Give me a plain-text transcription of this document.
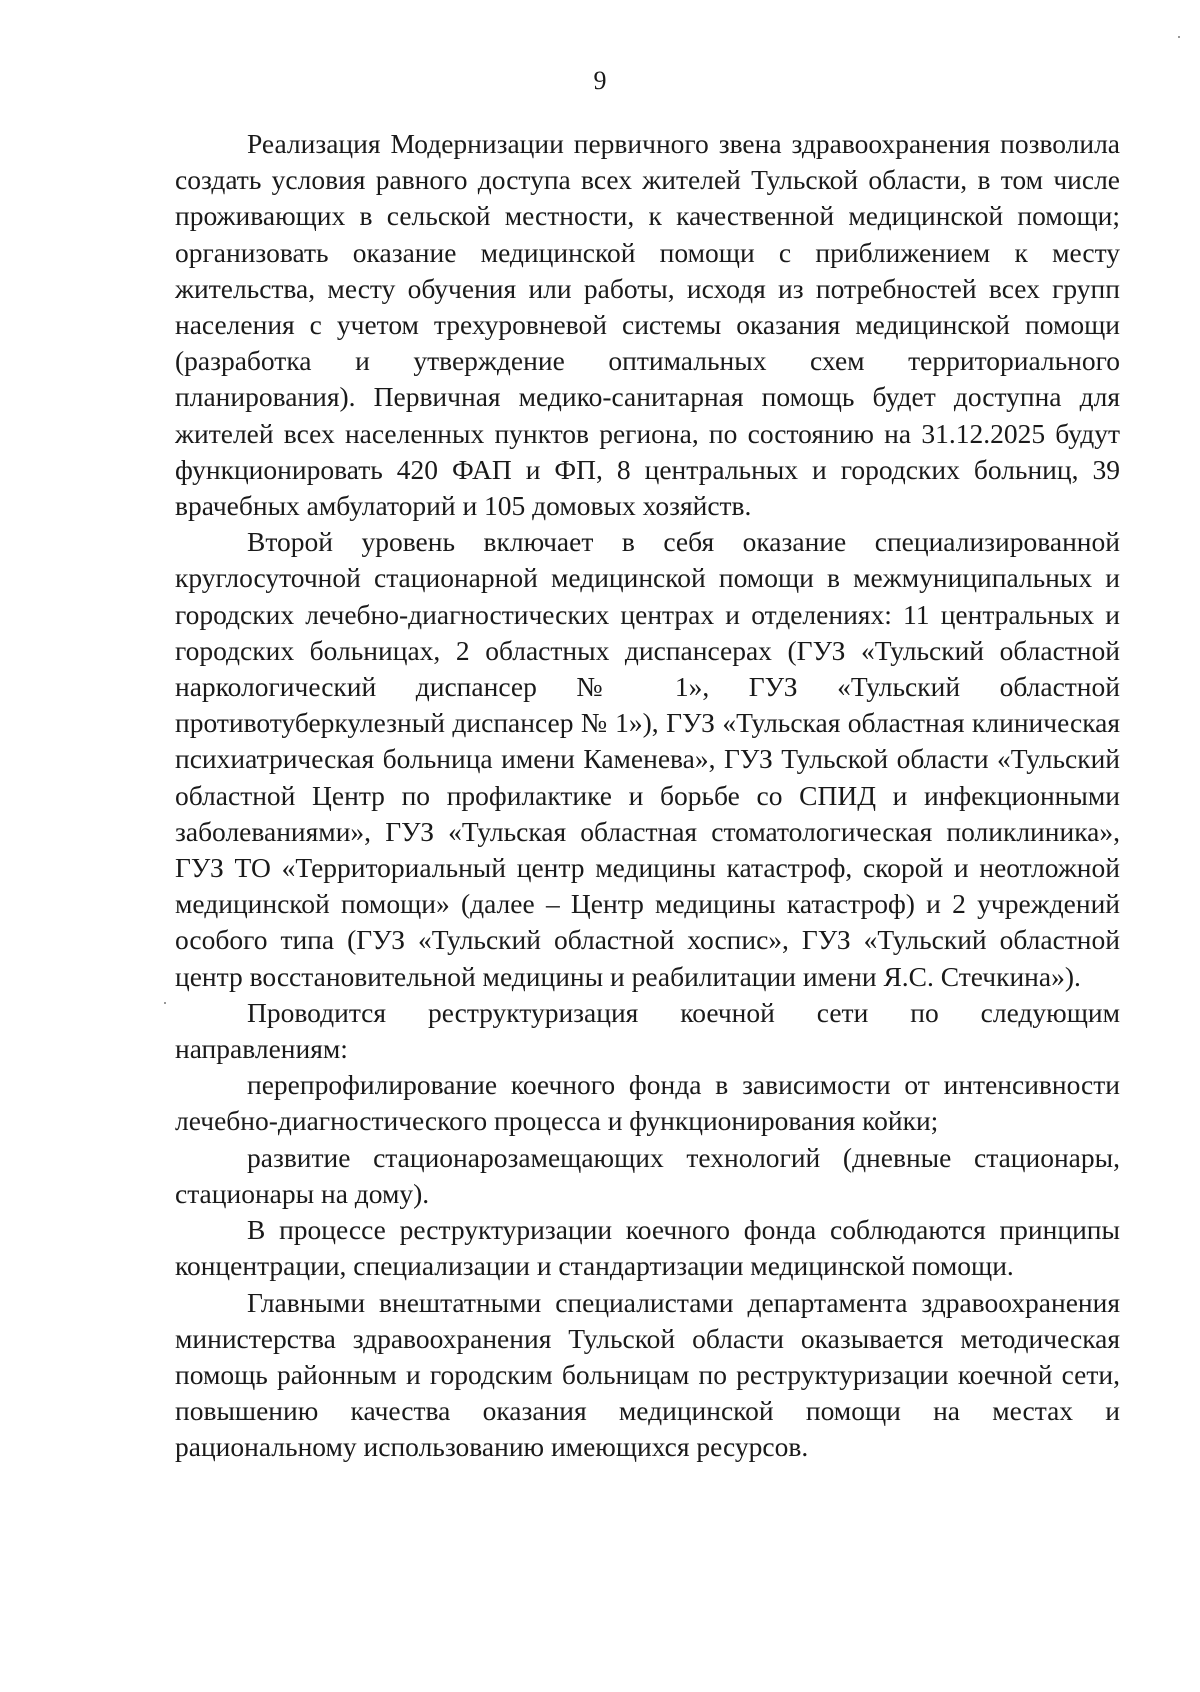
9

Реализация Модернизации первичного звена здравоохранения позволила создать условия равного доступа всех жителей Тульской области, в том числе проживающих в сельской местности, к качественной медицинской помощи; организовать оказание медицинской помощи с приближением к месту жительства, месту обучения или работы, исходя из потребностей всех групп населения с учетом трехуровневой системы оказания медицинской помощи (разработка и утверждение оптимальных схем территориального планирования). Первичная медико-санитарная помощь будет доступна для жителей всех населенных пунктов региона, по состоянию на 31.12.2025 будут функционировать 420 ФАП и ФП, 8 центральных и городских больниц, 39 врачебных амбулаторий и 105 домовых хозяйств.

Второй уровень включает в себя оказание специализированной круглосуточной стационарной медицинской помощи в межмуниципальных и городских лечебно-диагностических центрах и отделениях: 11 центральных и городских больницах, 2 областных диспансерах (ГУЗ «Тульский областной наркологический диспансер № 1», ГУЗ «Тульский областной противотуберкулезный диспансер № 1»), ГУЗ «Тульская областная клиническая психиатрическая больница имени Каменева», ГУЗ Тульской области «Тульский областной Центр по профилактике и борьбе со СПИД и инфекционными заболеваниями», ГУЗ «Тульская областная стоматологическая поликлиника», ГУЗ ТО «Территориальный центр медицины катастроф, скорой и неотложной медицинской помощи» (далее – Центр медицины катастроф) и 2 учреждений особого типа (ГУЗ «Тульский областной хоспис», ГУЗ «Тульский областной центр восстановительной медицины и реабилитации имени Я.С. Стечкина»).

Проводится реструктуризация коечной сети по следующим направлениям:

перепрофилирование коечного фонда в зависимости от интенсивности лечебно-диагностического процесса и функционирования койки;

развитие стационарозамещающих технологий (дневные стационары, стационары на дому).

В процессе реструктуризации коечного фонда соблюдаются принципы концентрации, специализации и стандартизации медицинской помощи.

Главными внештатными специалистами департамента здравоохранения министерства здравоохранения Тульской области оказывается методическая помощь районным и городским больницам по реструктуризации коечной сети, повышению качества оказания медицинской помощи на местах и рациональному использованию имеющихся ресурсов.
